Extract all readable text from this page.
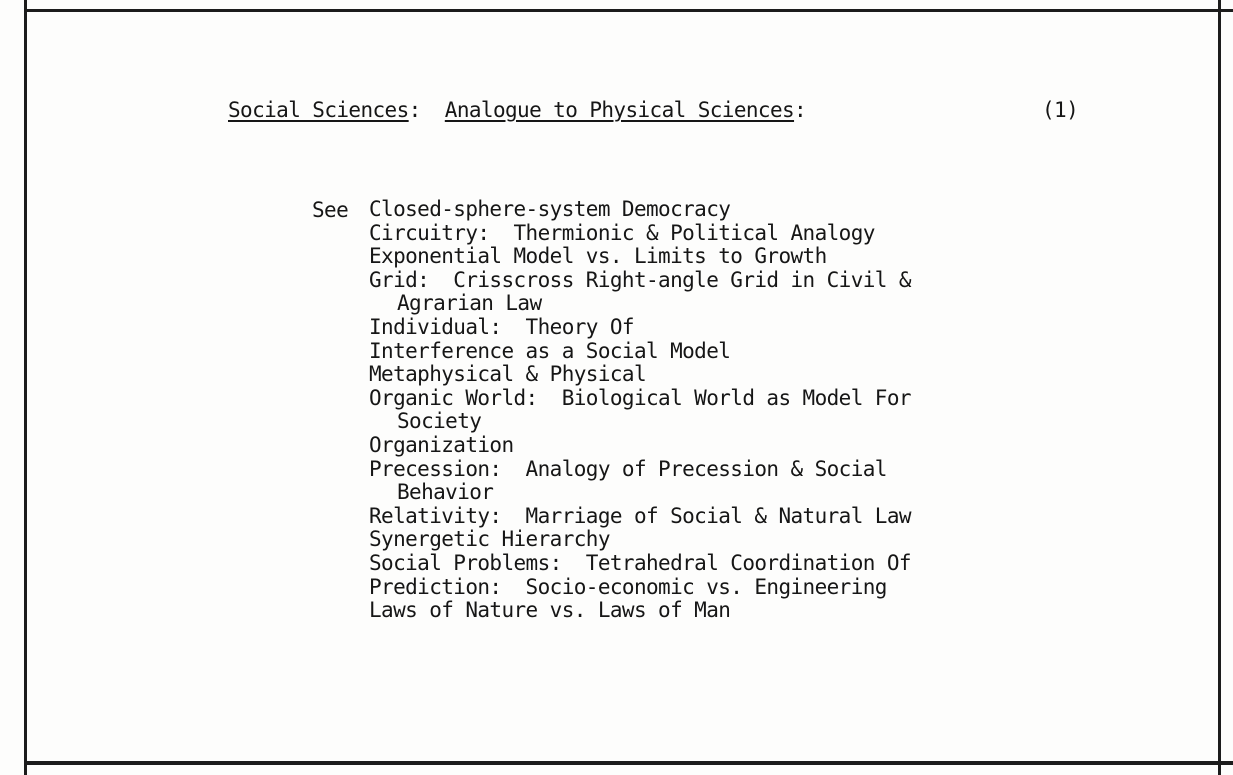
Social Sciences:  Analogue to Physical Sciences:	(1)
See Closed-sphere-system Democracy
Circuitry:  Thermionic & Political Analogy
Exponential Model vs. Limits to Growth
Grid:  Crisscross Right-angle Grid in Civil &
Agrarian Law
Individual:  Theory Of
Interference as a Social Model
Metaphysical & Physical
Organic World:  Biological World as Model For
Society
Organization
Precession:  Analogy of Precession & Social
Behavior
Relativity:  Marriage of Social & Natural Law
Synergetic Hierarchy
Social Problems:  Tetrahedral Coordination Of
Prediction:  Socio-economic vs. Engineering
Laws of Nature vs. Laws of Man
